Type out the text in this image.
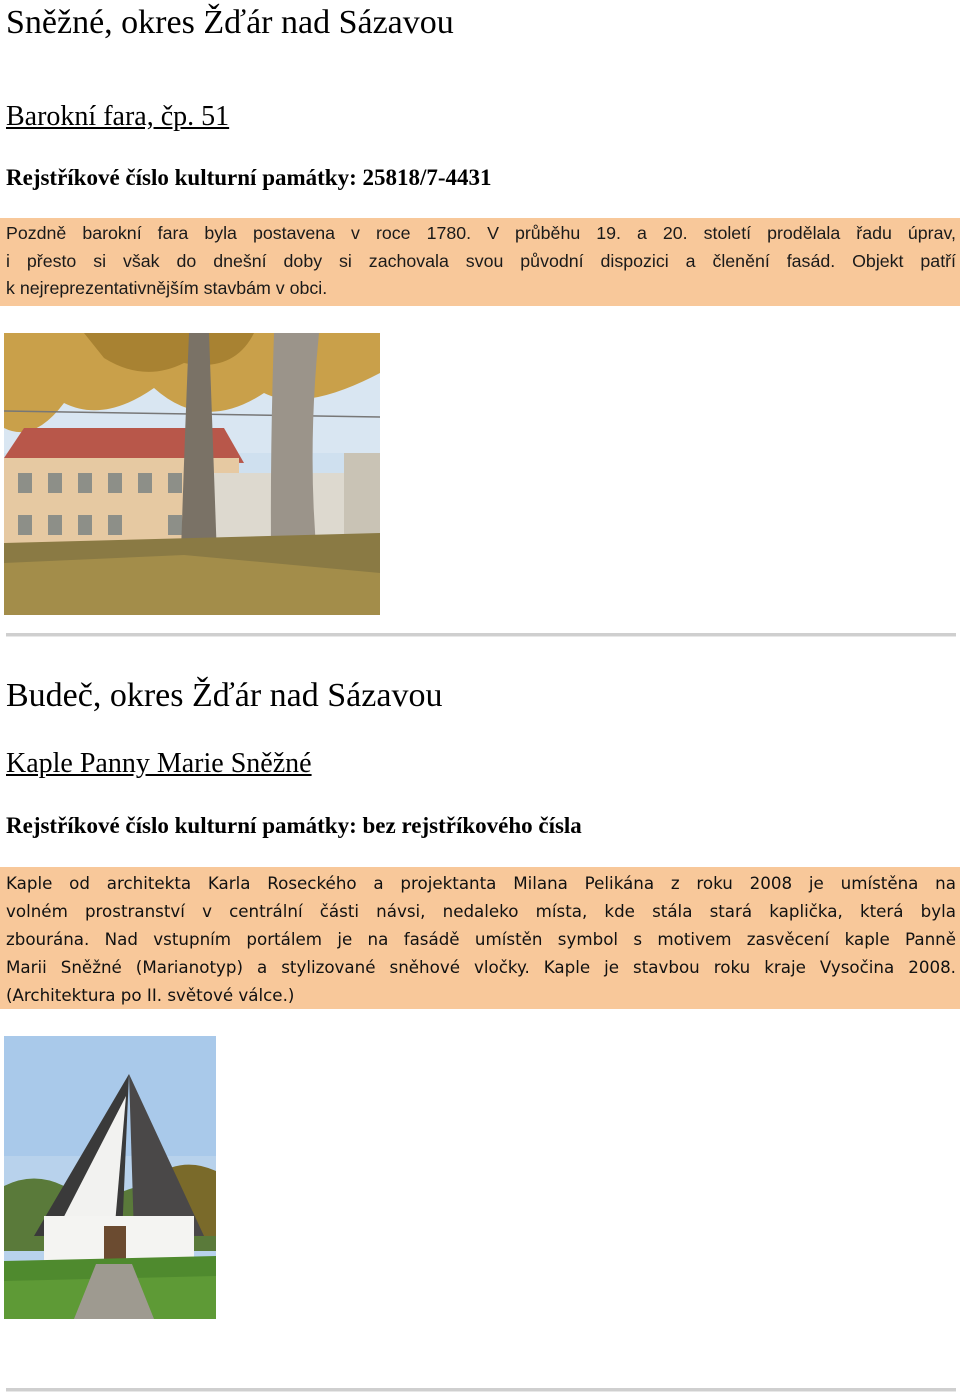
Sněžné, okres Žďár nad Sázavou
Barokní fara, čp. 51
Rejstříkové číslo kulturní památky: 25818/7-4431
Pozdně barokní fara byla postavena v roce 1780. V průběhu 19. a 20. století prodělala řadu úprav,
i přesto si však do dnešní doby si zachovala svou původní dispozici a členění fasád. Objekt patří
k nejreprezentativnějším stavbám v obci.
Budeč, okres Žďár nad Sázavou
Kaple Panny Marie Sněžné
Rejstříkové číslo kulturní památky: bez rejstříkového čísla
Kaple od architekta Karla Roseckého a projektanta Milana Pelikána z roku 2008 je umístěna na
volném prostranství v centrální části návsi, nedaleko místa, kde stála stará kaplička, která byla
zbourána. Nad vstupním portálem je na fasádě umístěn symbol s motivem zasvěcení kaple Panně
Marii Sněžné (Marianotyp) a stylizované sněhové vločky. Kaple je stavbou roku kraje Vysočina 2008.
(Architektura po II. světové válce.)
